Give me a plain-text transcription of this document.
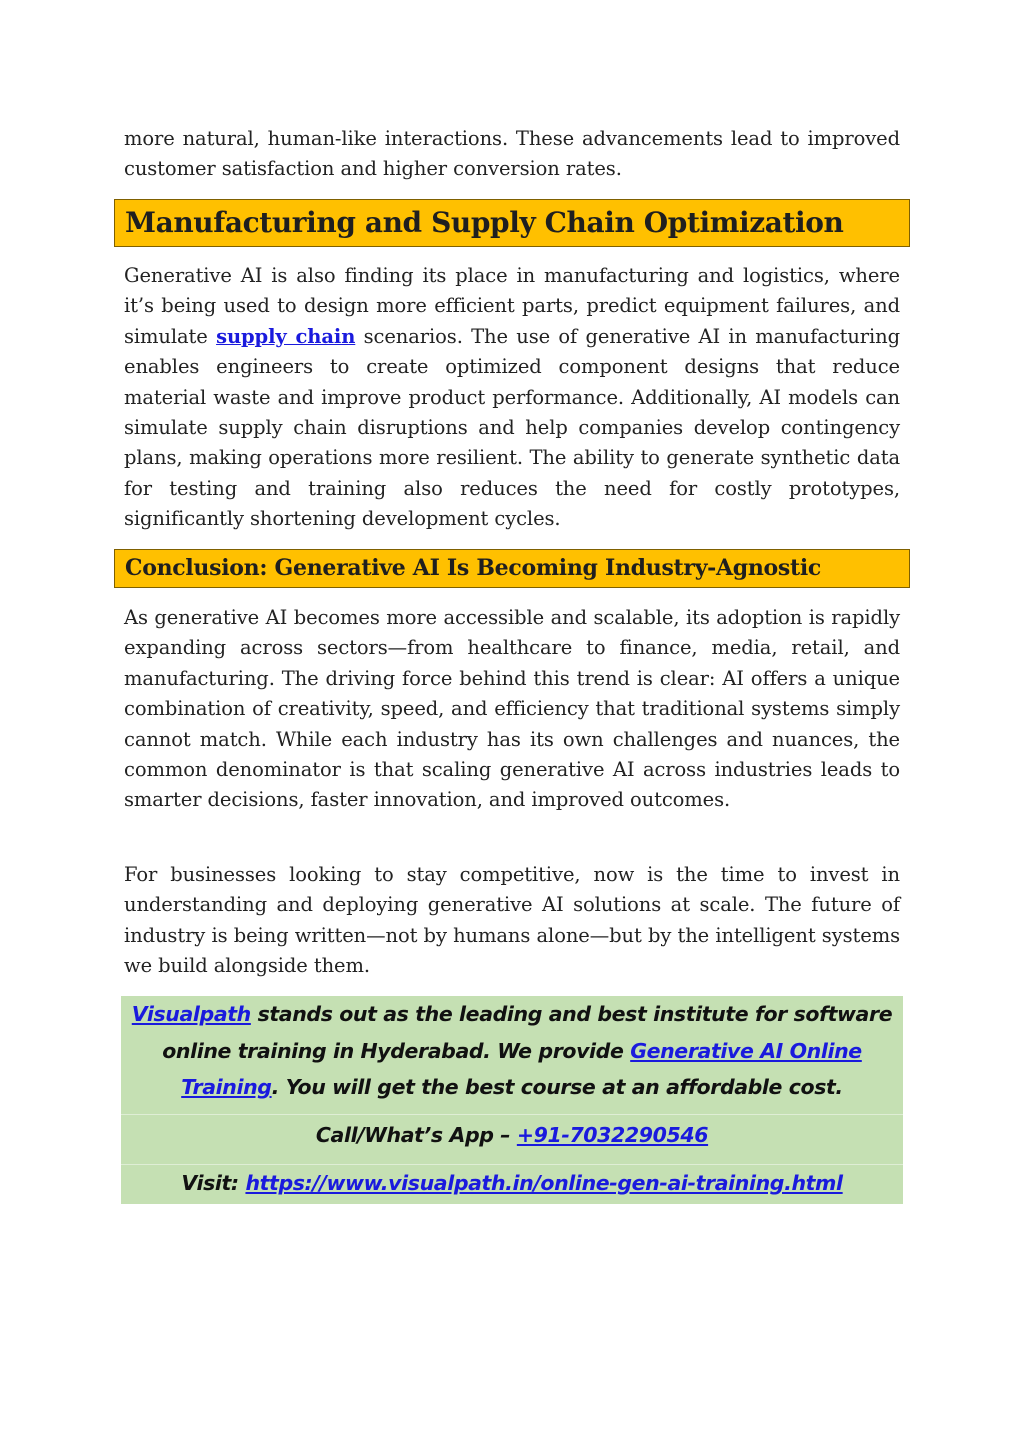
more natural, human-like interactions. These advancements lead to improved customer satisfaction and higher conversion rates.

Manufacturing and Supply Chain Optimization

Generative AI is also finding its place in manufacturing and logistics, where it’s being used to design more efficient parts, predict equipment failures, and simulate supply chain scenarios. The use of generative AI in manufacturing enables engineers to create optimized component designs that reduce material waste and improve product performance. Additionally, AI models can simulate supply chain disruptions and help companies develop contingency plans, making operations more resilient. The ability to generate synthetic data for testing and training also reduces the need for costly prototypes, significantly shortening development cycles.

Conclusion: Generative AI Is Becoming Industry-Agnostic

As generative AI becomes more accessible and scalable, its adoption is rapidly expanding across sectors—from healthcare to finance, media, retail, and manufacturing. The driving force behind this trend is clear: AI offers a unique combination of creativity, speed, and efficiency that traditional systems simply cannot match. While each industry has its own challenges and nuances, the common denominator is that scaling generative AI across industries leads to smarter decisions, faster innovation, and improved outcomes.

For businesses looking to stay competitive, now is the time to invest in understanding and deploying generative AI solutions at scale. The future of industry is being written—not by humans alone—but by the intelligent systems we build alongside them.

Visualpath stands out as the leading and best institute for software online training in Hyderabad. We provide Generative AI Online Training. You will get the best course at an affordable cost.
Call/What’s App – +91-7032290546
Visit: https://www.visualpath.in/online-gen-ai-training.html
